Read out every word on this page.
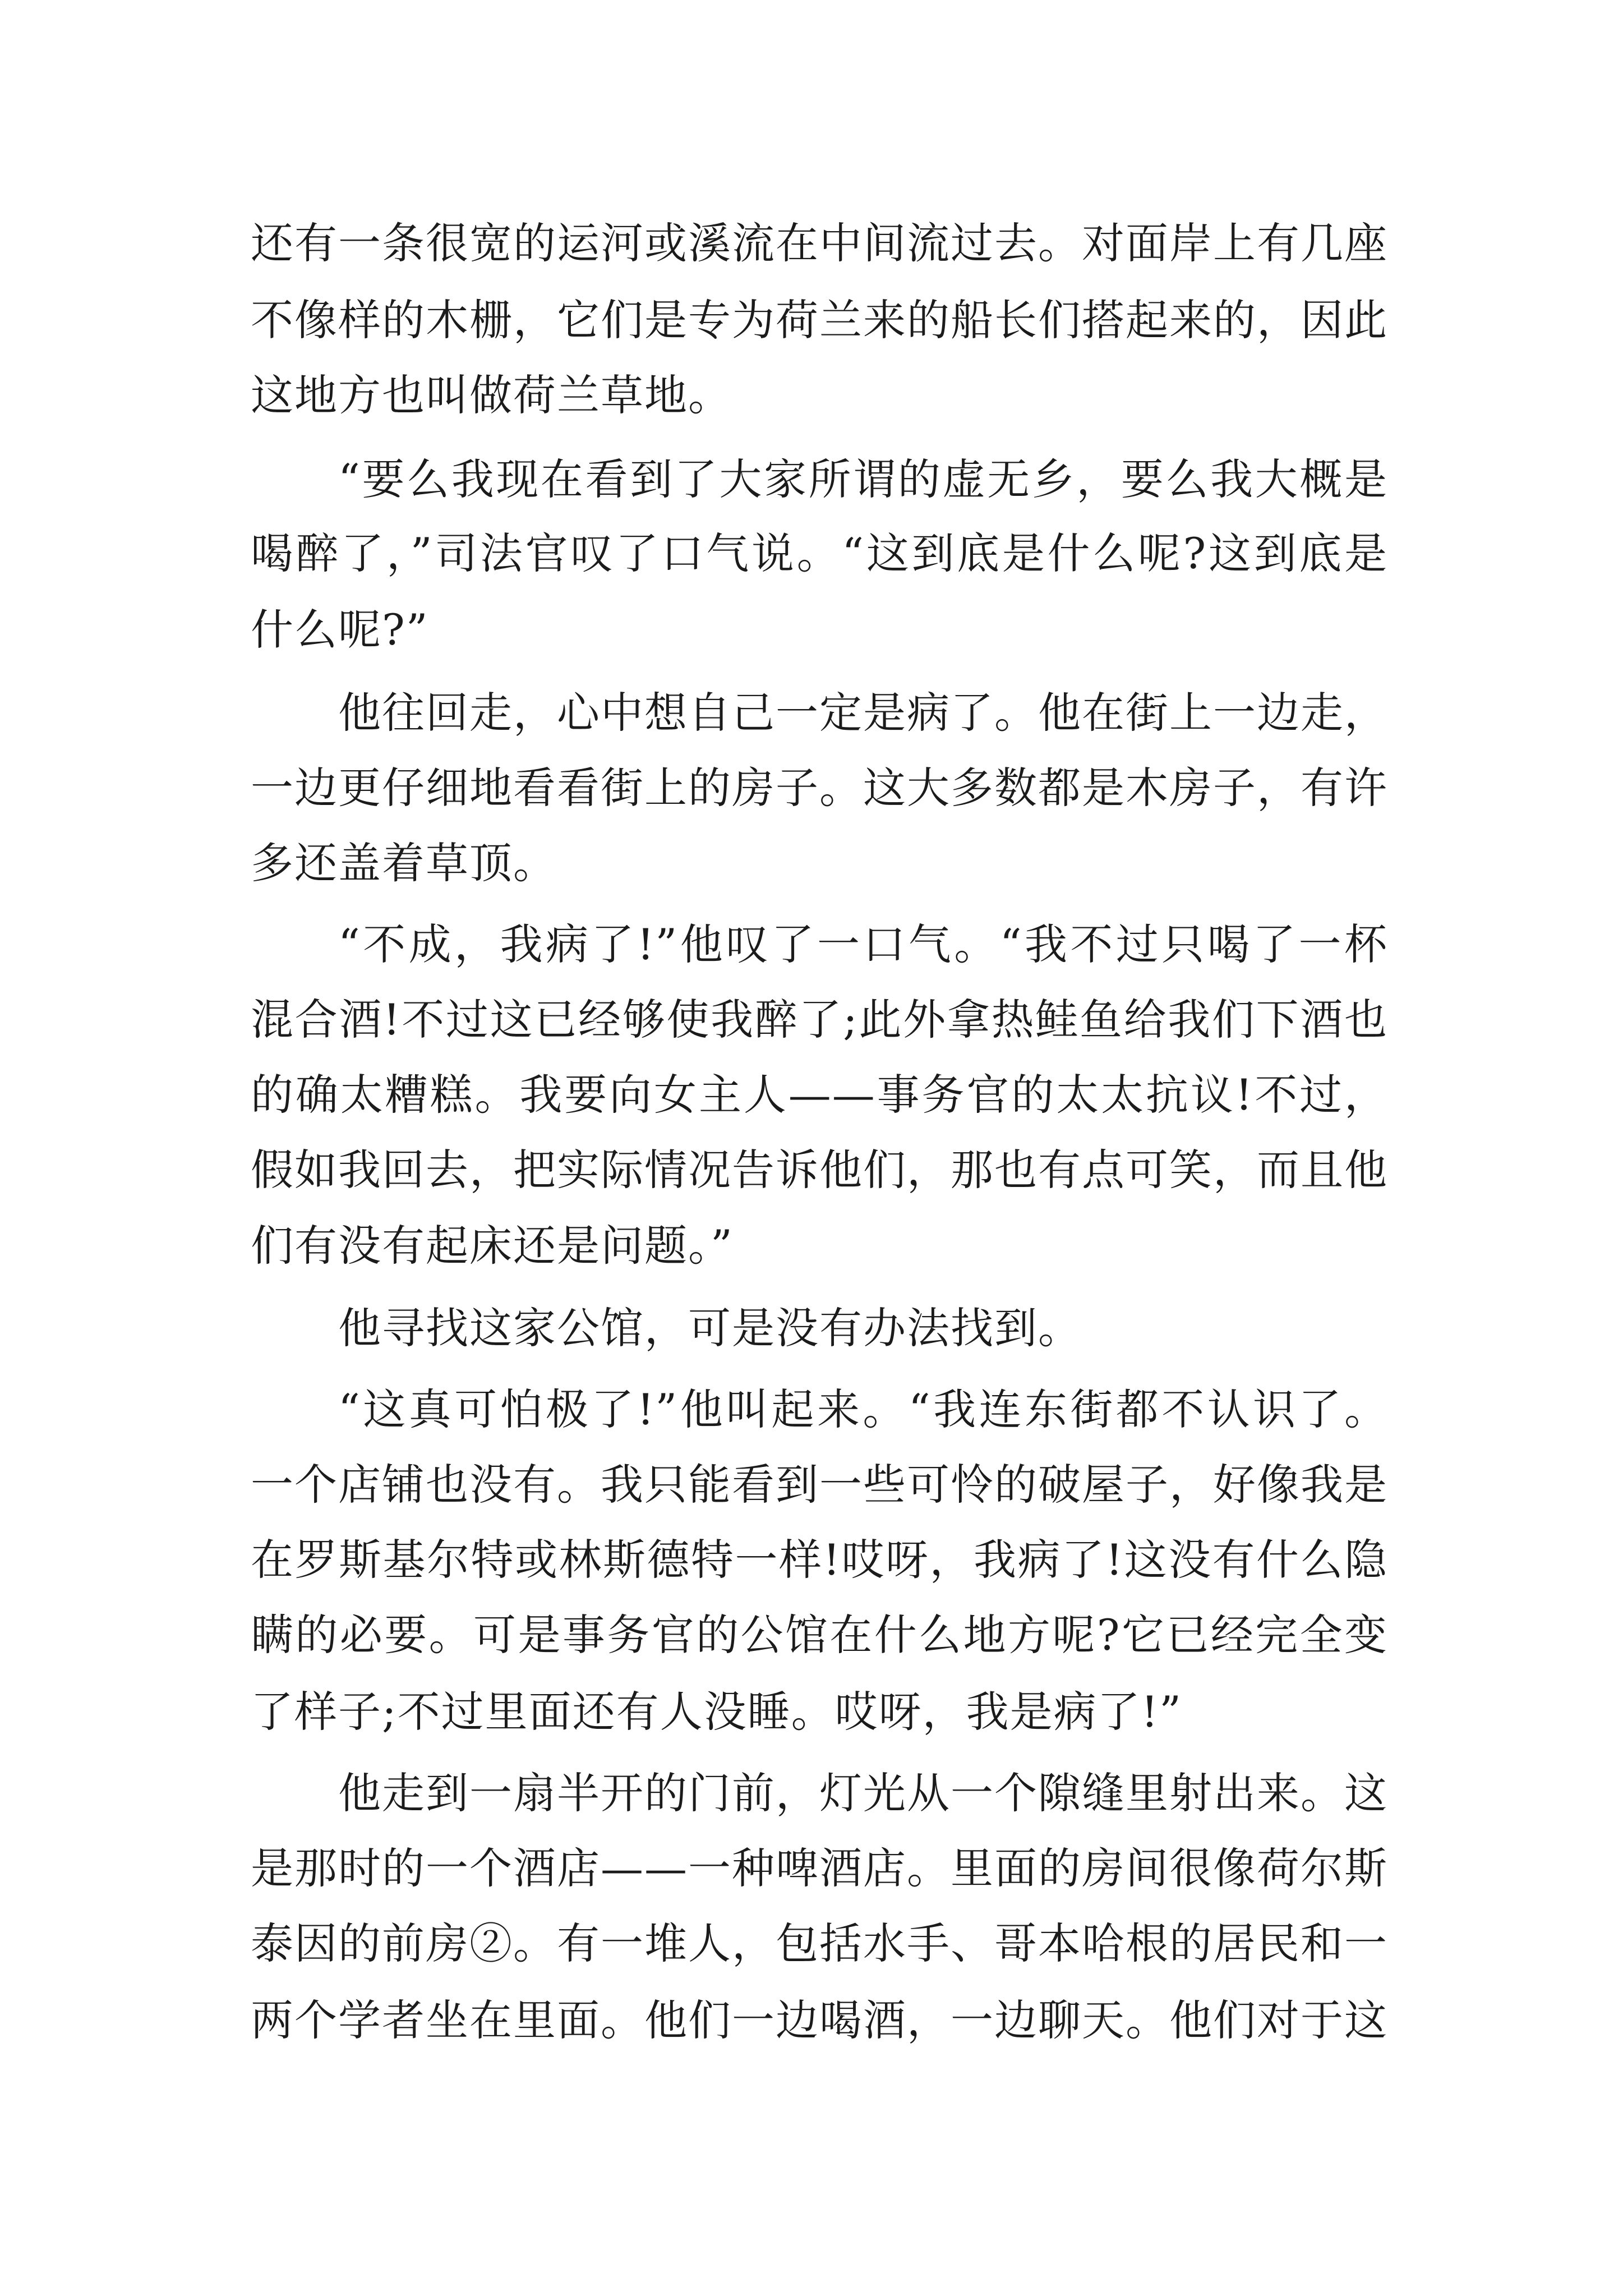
还有一条很宽的运河或溪流在中间流过去。对面岸上有几座
不像样的木栅，它们是专为荷兰来的船长们搭起来的，因此
这地方也叫做荷兰草地。
“要么我现在看到了大家所谓的虚无乡，要么我大概是
喝醉了，”司法官叹了口气说。“这到底是什么呢?这到底是
什么呢?”
他往回走，心中想自己一定是病了。他在街上一边走，
一边更仔细地看看街上的房子。这大多数都是木房子，有许
多还盖着草顶。
“不成，我病了!”他叹了一口气。“我不过只喝了一杯
混合酒!不过这已经够使我醉了;此外拿热鲑鱼给我们下酒也
的确太糟糕。我要向女主人——事务官的太太抗议!不过，
假如我回去，把实际情况告诉他们，那也有点可笑，而且他
们有没有起床还是问题。”
他寻找这家公馆，可是没有办法找到。
“这真可怕极了!”他叫起来。“我连东街都不认识了。
一个店铺也没有。我只能看到一些可怜的破屋子，好像我是
在罗斯基尔特或林斯德特一样!哎呀，我病了!这没有什么隐
瞒的必要。可是事务官的公馆在什么地方呢?它已经完全变
了样子;不过里面还有人没睡。哎呀，我是病了!”
他走到一扇半开的门前，灯光从一个隙缝里射出来。这
是那时的一个酒店——一种啤酒店。里面的房间很像荷尔斯
泰因的前房②。有一堆人，包括水手、哥本哈根的居民和一
两个学者坐在里面。他们一边喝酒，一边聊天。他们对于这
